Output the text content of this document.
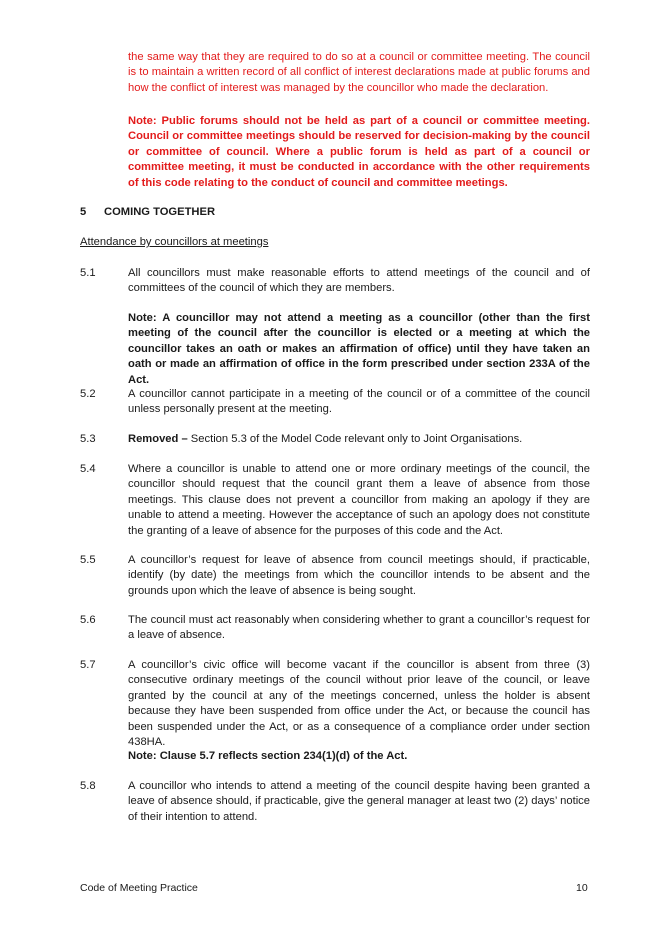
the same way that they are required to do so at a council or committee meeting. The council is to maintain a written record of all conflict of interest declarations made at public forums and how the conflict of interest was managed by the councillor who made the declaration.
Note: Public forums should not be held as part of a council or committee meeting. Council or committee meetings should be reserved for decision-making by the council or committee of council. Where a public forum is held as part of a council or committee meeting, it must be conducted in accordance with the other requirements of this code relating to the conduct of council and committee meetings.
5 COMING TOGETHER
Attendance by councillors at meetings
5.1	All councillors must make reasonable efforts to attend meetings of the council and of committees of the council of which they are members.
Note: A councillor may not attend a meeting as a councillor (other than the first meeting of the council after the councillor is elected or a meeting at which the councillor takes an oath or makes an affirmation of office) until they have taken an oath or made an affirmation of office in the form prescribed under section 233A of the Act.
5.2	A councillor cannot participate in a meeting of the council or of a committee of the council unless personally present at the meeting.
5.3	Removed – Section 5.3 of the Model Code relevant only to Joint Organisations.
5.4	Where a councillor is unable to attend one or more ordinary meetings of the council, the councillor should request that the council grant them a leave of absence from those meetings. This clause does not prevent a councillor from making an apology if they are unable to attend a meeting. However the acceptance of such an apology does not constitute the granting of a leave of absence for the purposes of this code and the Act.
5.5	A councillor’s request for leave of absence from council meetings should, if practicable, identify (by date) the meetings from which the councillor intends to be absent and the grounds upon which the leave of absence is being sought.
5.6	The council must act reasonably when considering whether to grant a councillor’s request for a leave of absence.
5.7	A councillor’s civic office will become vacant if the councillor is absent from three (3) consecutive ordinary meetings of the council without prior leave of the council, or leave granted by the council at any of the meetings concerned, unless the holder is absent because they have been suspended from office under the Act, or because the council has been suspended under the Act, or as a consequence of a compliance order under section 438HA.
Note: Clause 5.7 reflects section 234(1)(d) of the Act.
5.8	A councillor who intends to attend a meeting of the council despite having been granted a leave of absence should, if practicable, give the general manager at least two (2) days’ notice of their intention to attend.
Code of Meeting Practice	10
